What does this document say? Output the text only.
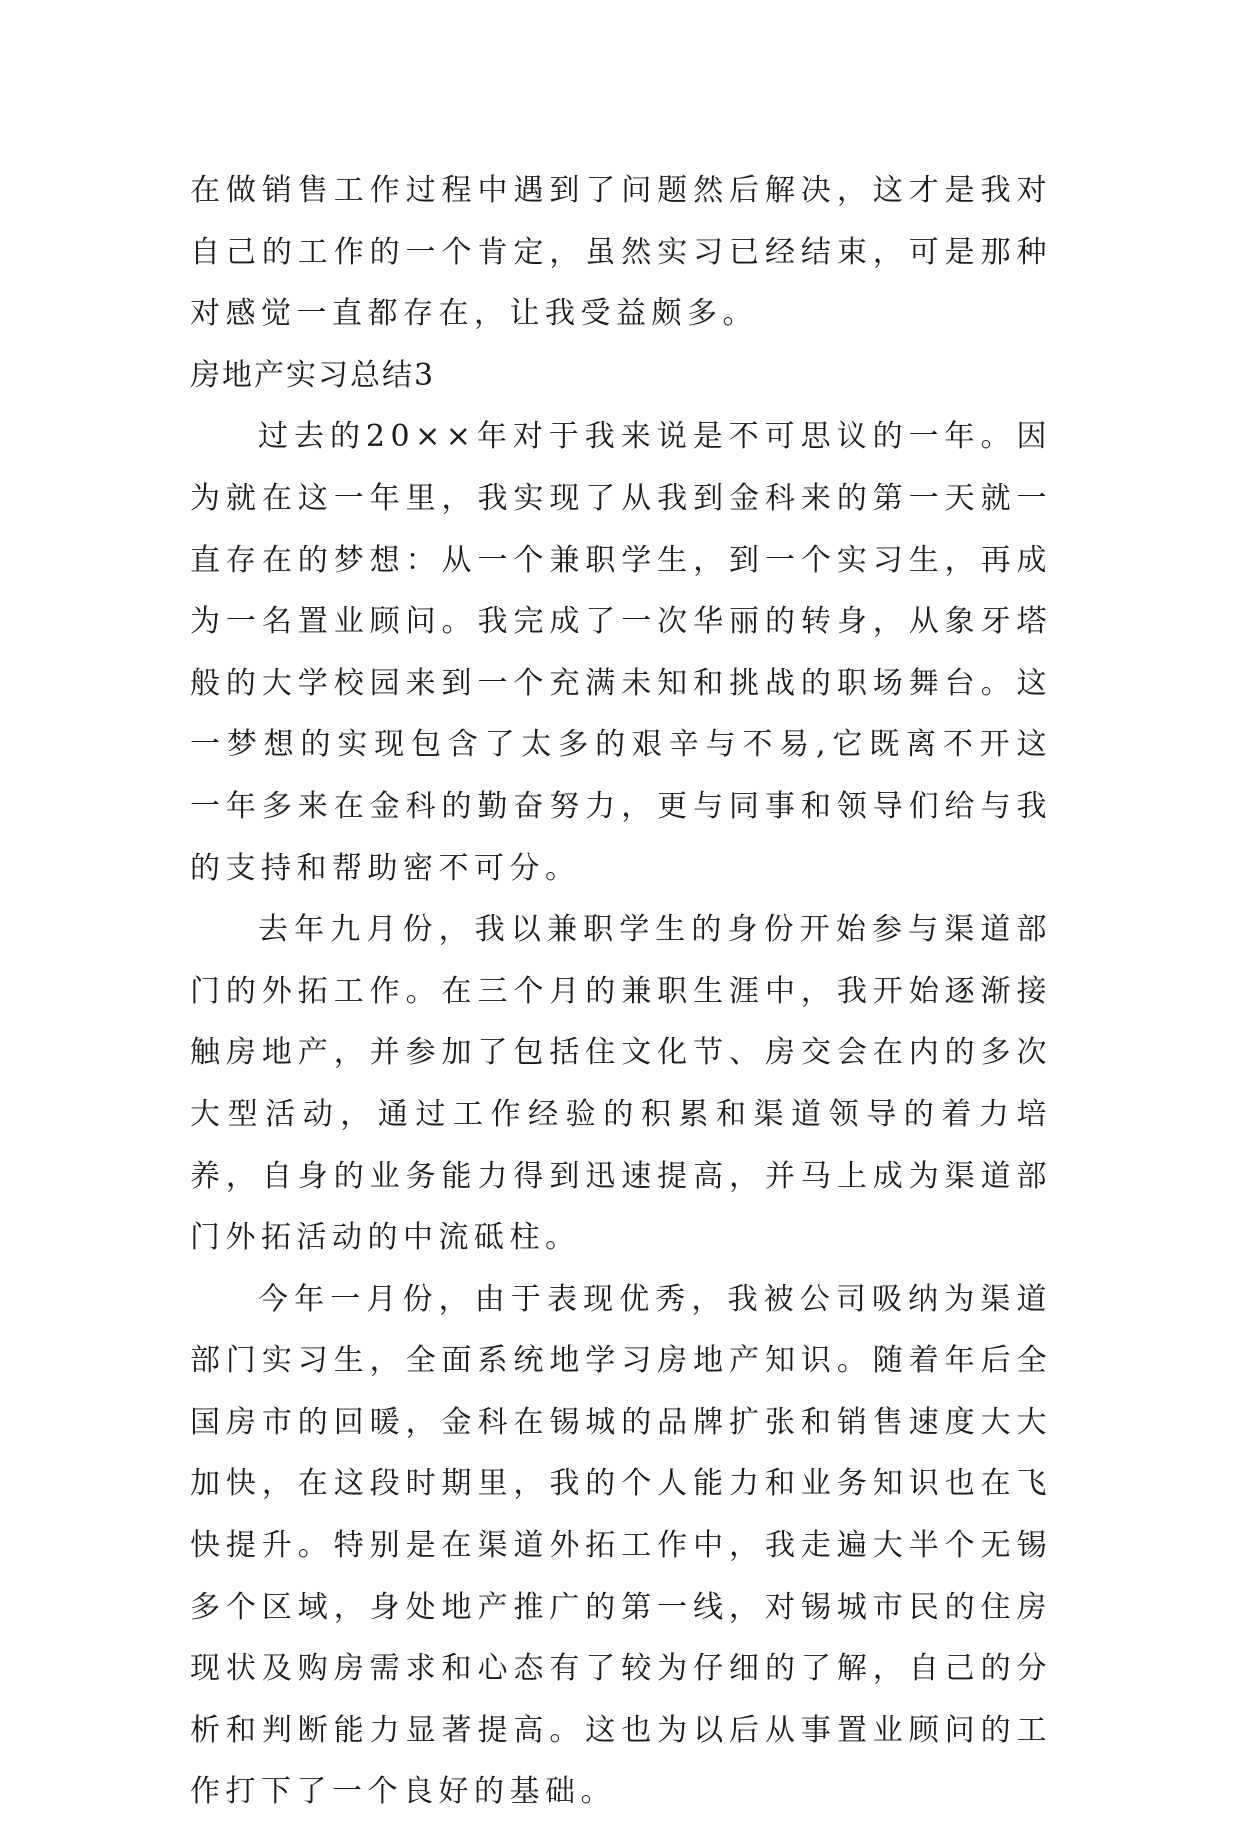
在做销售工作过程中遇到了问题然后解决，这才是我对自己的工作的一个肯定，虽然实习已经结束，可是那种对感觉一直都存在，让我受益颇多。

房地产实习总结3

过去的20××年对于我来说是不可思议的一年。因为就在这一年里，我实现了从我到金科来的第一天就一直存在的梦想：从一个兼职学生，到一个实习生，再成为一名置业顾问。我完成了一次华丽的转身，从象牙塔般的大学校园来到一个充满未知和挑战的职场舞台。这一梦想的实现包含了太多的艰辛与不易,它既离不开这一年多来在金科的勤奋努力，更与同事和领导们给与我的支持和帮助密不可分。

去年九月份，我以兼职学生的身份开始参与渠道部门的外拓工作。在三个月的兼职生涯中，我开始逐渐接触房地产，并参加了包括住文化节、房交会在内的多次大型活动，通过工作经验的积累和渠道领导的着力培养，自身的业务能力得到迅速提高，并马上成为渠道部门外拓活动的中流砥柱。

今年一月份，由于表现优秀，我被公司吸纳为渠道部门实习生，全面系统地学习房地产知识。随着年后全国房市的回暖，金科在锡城的品牌扩张和销售速度大大加快，在这段时期里，我的个人能力和业务知识也在飞快提升。特别是在渠道外拓工作中，我走遍大半个无锡多个区域，身处地产推广的第一线，对锡城市民的住房现状及购房需求和心态有了较为仔细的了解，自己的分析和判断能力显著提高。这也为以后从事置业顾问的工作打下了一个良好的基础。
